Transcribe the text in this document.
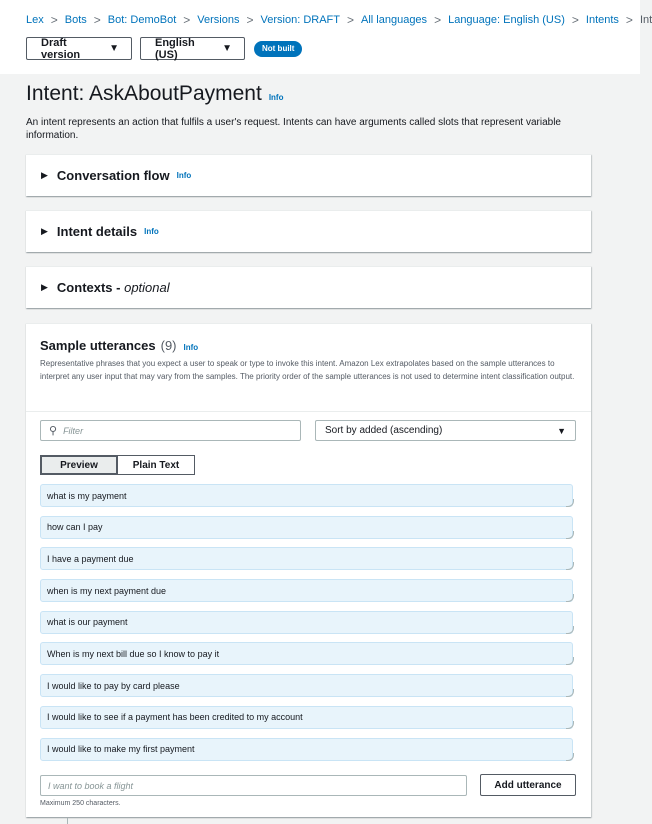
Lex > Bots > Bot: DemoBot > Versions > Version: DRAFT > All languages > Language: English (US) > Intents > Int
Draft version	▼	English (US)	▼	Not built
Intent: AskAboutPayment Info

An intent represents an action that fulfils a user's request. Intents can have arguments called slots that represent variable information.

▶ Conversation flow Info
▶ Intent details Info
▶ Contexts - optional
Sample utterances (9) Info

Representative phrases that you expect a user to speak or type to invoke this intent. Amazon Lex extrapolates based on the sample utterances to interpret any user input that may vary from the samples. The priority order of the sample utterances is not used to determine intent classification output.

⚲ Filter	Sort by added (ascending)	▼
Preview	Plain Text
what is my payment
how can I pay
I have a payment due
when is my next payment due
what is our payment
When is my next bill due so I know to pay it
I would like to pay by card please
I would like to see if a payment has been credited to my account
I would like to make my first payment
I want to book a flight	Add utterance
Maximum 250 characters.
